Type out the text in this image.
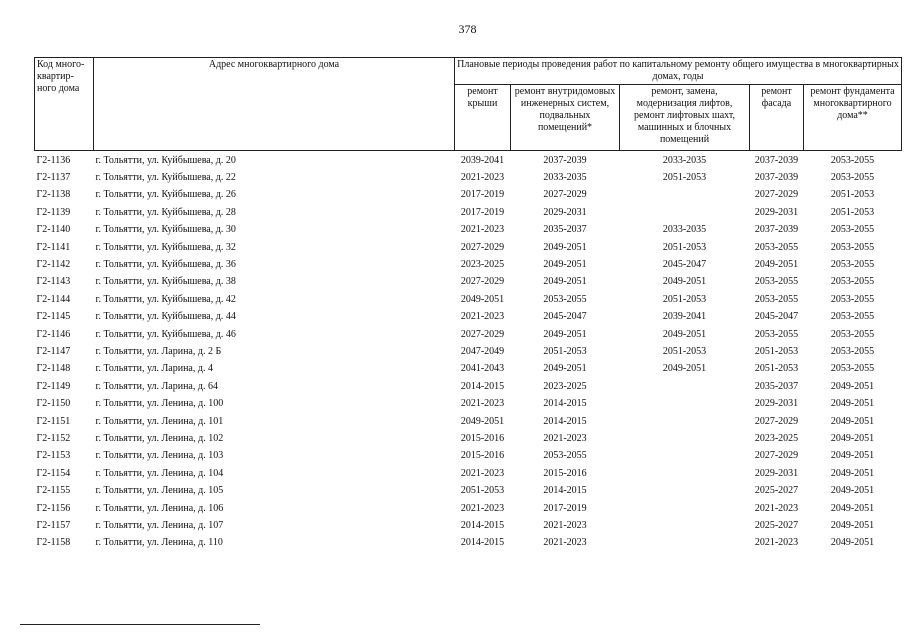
378
Код много-квартир-ного дома	Адрес многоквартирного дома	Плановые периоды проведения работ по капитальному ремонту общего имущества в многоквартирных домах, годы				
		ремонт крыши	ремонт внутридомовых инженерных систем, подвальных помещений*	ремонт, замена, модернизация лифтов, ремонт лифтовых шахт, машинных и блочных помещений	ремонт фасада	ремонт фундамента многоквартирного дома**
Г2-1136	г. Тольятти, ул. Куйбышева, д. 20	2039-2041	2037-2039	2033-2035	2037-2039	2053-2055
Г2-1137	г. Тольятти, ул. Куйбышева, д. 22	2021-2023	2033-2035	2051-2053	2037-2039	2053-2055
Г2-1138	г. Тольятти, ул. Куйбышева, д. 26	2017-2019	2027-2029		2027-2029	2051-2053
Г2-1139	г. Тольятти, ул. Куйбышева, д. 28	2017-2019	2029-2031		2029-2031	2051-2053
Г2-1140	г. Тольятти, ул. Куйбышева, д. 30	2021-2023	2035-2037	2033-2035	2037-2039	2053-2055
Г2-1141	г. Тольятти, ул. Куйбышева, д. 32	2027-2029	2049-2051	2051-2053	2053-2055	2053-2055
Г2-1142	г. Тольятти, ул. Куйбышева, д. 36	2023-2025	2049-2051	2045-2047	2049-2051	2053-2055
Г2-1143	г. Тольятти, ул. Куйбышева, д. 38	2027-2029	2049-2051	2049-2051	2053-2055	2053-2055
Г2-1144	г. Тольятти, ул. Куйбышева, д. 42	2049-2051	2053-2055	2051-2053	2053-2055	2053-2055
Г2-1145	г. Тольятти, ул. Куйбышева, д. 44	2021-2023	2045-2047	2039-2041	2045-2047	2053-2055
Г2-1146	г. Тольятти, ул. Куйбышева, д. 46	2027-2029	2049-2051	2049-2051	2053-2055	2053-2055
Г2-1147	г. Тольятти, ул. Ларина, д. 2 Б	2047-2049	2051-2053	2051-2053	2051-2053	2053-2055
Г2-1148	г. Тольятти, ул. Ларина, д. 4	2041-2043	2049-2051	2049-2051	2051-2053	2053-2055
Г2-1149	г. Тольятти, ул. Ларина, д. 64	2014-2015	2023-2025		2035-2037	2049-2051
Г2-1150	г. Тольятти, ул. Ленина, д. 100	2021-2023	2014-2015		2029-2031	2049-2051
Г2-1151	г. Тольятти, ул. Ленина, д. 101	2049-2051	2014-2015		2027-2029	2049-2051
Г2-1152	г. Тольятти, ул. Ленина, д. 102	2015-2016	2021-2023		2023-2025	2049-2051
Г2-1153	г. Тольятти, ул. Ленина, д. 103	2015-2016	2053-2055		2027-2029	2049-2051
Г2-1154	г. Тольятти, ул. Ленина, д. 104	2021-2023	2015-2016		2029-2031	2049-2051
Г2-1155	г. Тольятти, ул. Ленина, д. 105	2051-2053	2014-2015		2025-2027	2049-2051
Г2-1156	г. Тольятти, ул. Ленина, д. 106	2021-2023	2017-2019		2021-2023	2049-2051
Г2-1157	г. Тольятти, ул. Ленина, д. 107	2014-2015	2021-2023		2025-2027	2049-2051
Г2-1158	г. Тольятти, ул. Ленина, д. 110	2014-2015	2021-2023		2021-2023	2049-2051
